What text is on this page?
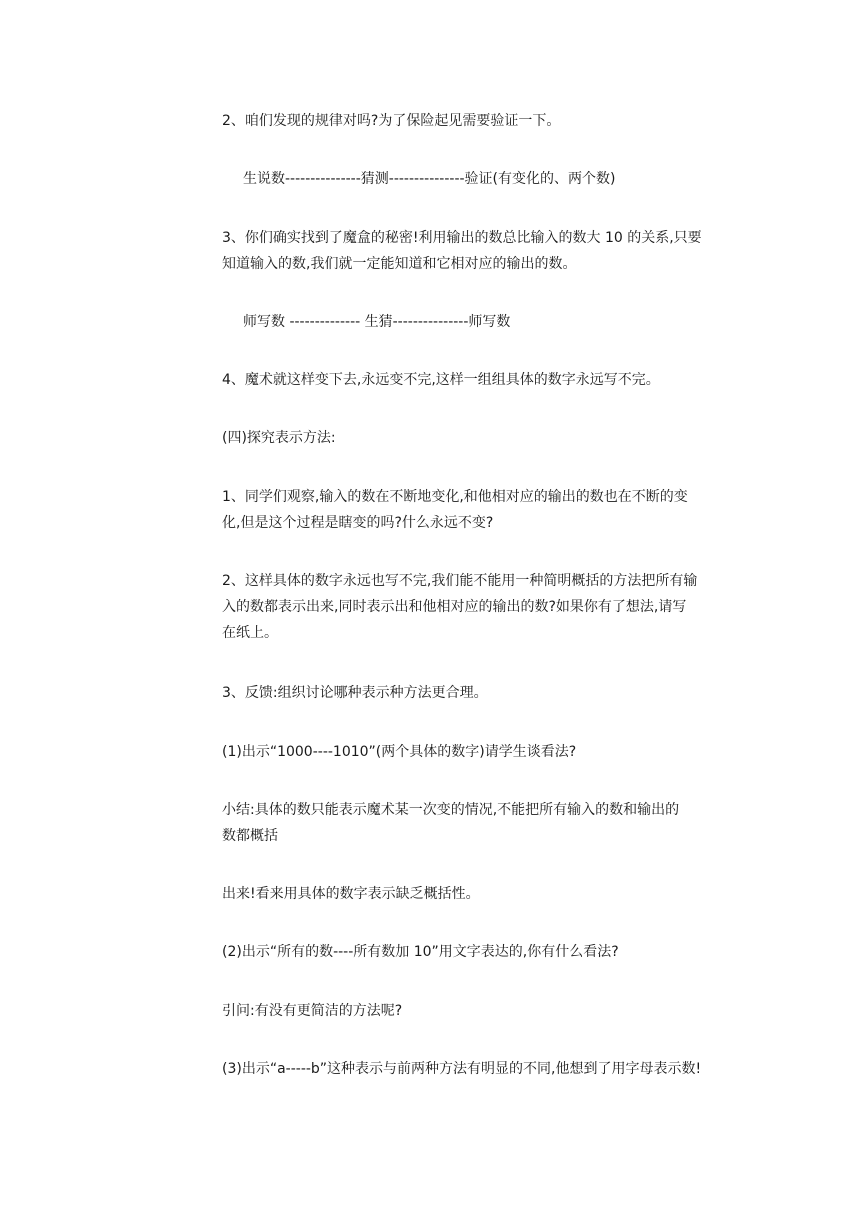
2、咱们发现的规律对吗?为了保险起见需要验证一下。

生说数---------------猜测---------------验证(有变化的、两个数)

3、你们确实找到了魔盒的秘密!利用输出的数总比输入的数大 10 的关系,只要
知道输入的数,我们就一定能知道和它相对应的输出的数。

师写数 -------------- 生猜---------------师写数

4、魔术就这样变下去,永远变不完,这样一组组具体的数字永远写不完。

(四)探究表示方法:

1、同学们观察,输入的数在不断地变化,和他相对应的输出的数也在不断的变
化,但是这个过程是瞎变的吗?什么永远不变?

2、这样具体的数字永远也写不完,我们能不能用一种简明概括的方法把所有输
入的数都表示出来,同时表示出和他相对应的输出的数?如果你有了想法,请写
在纸上。

3、反馈:组织讨论哪种表示种方法更合理。

(1)出示“1000----1010”(两个具体的数字)请学生谈看法?

小结:具体的数只能表示魔术某一次变的情况,不能把所有输入的数和输出的
数都概括

出来!看来用具体的数字表示缺乏概括性。

(2)出示“所有的数----所有数加 10”用文字表达的,你有什么看法?

引问:有没有更简洁的方法呢?

(3)出示“a-----b”这种表示与前两种方法有明显的不同,他想到了用字母表示数!
